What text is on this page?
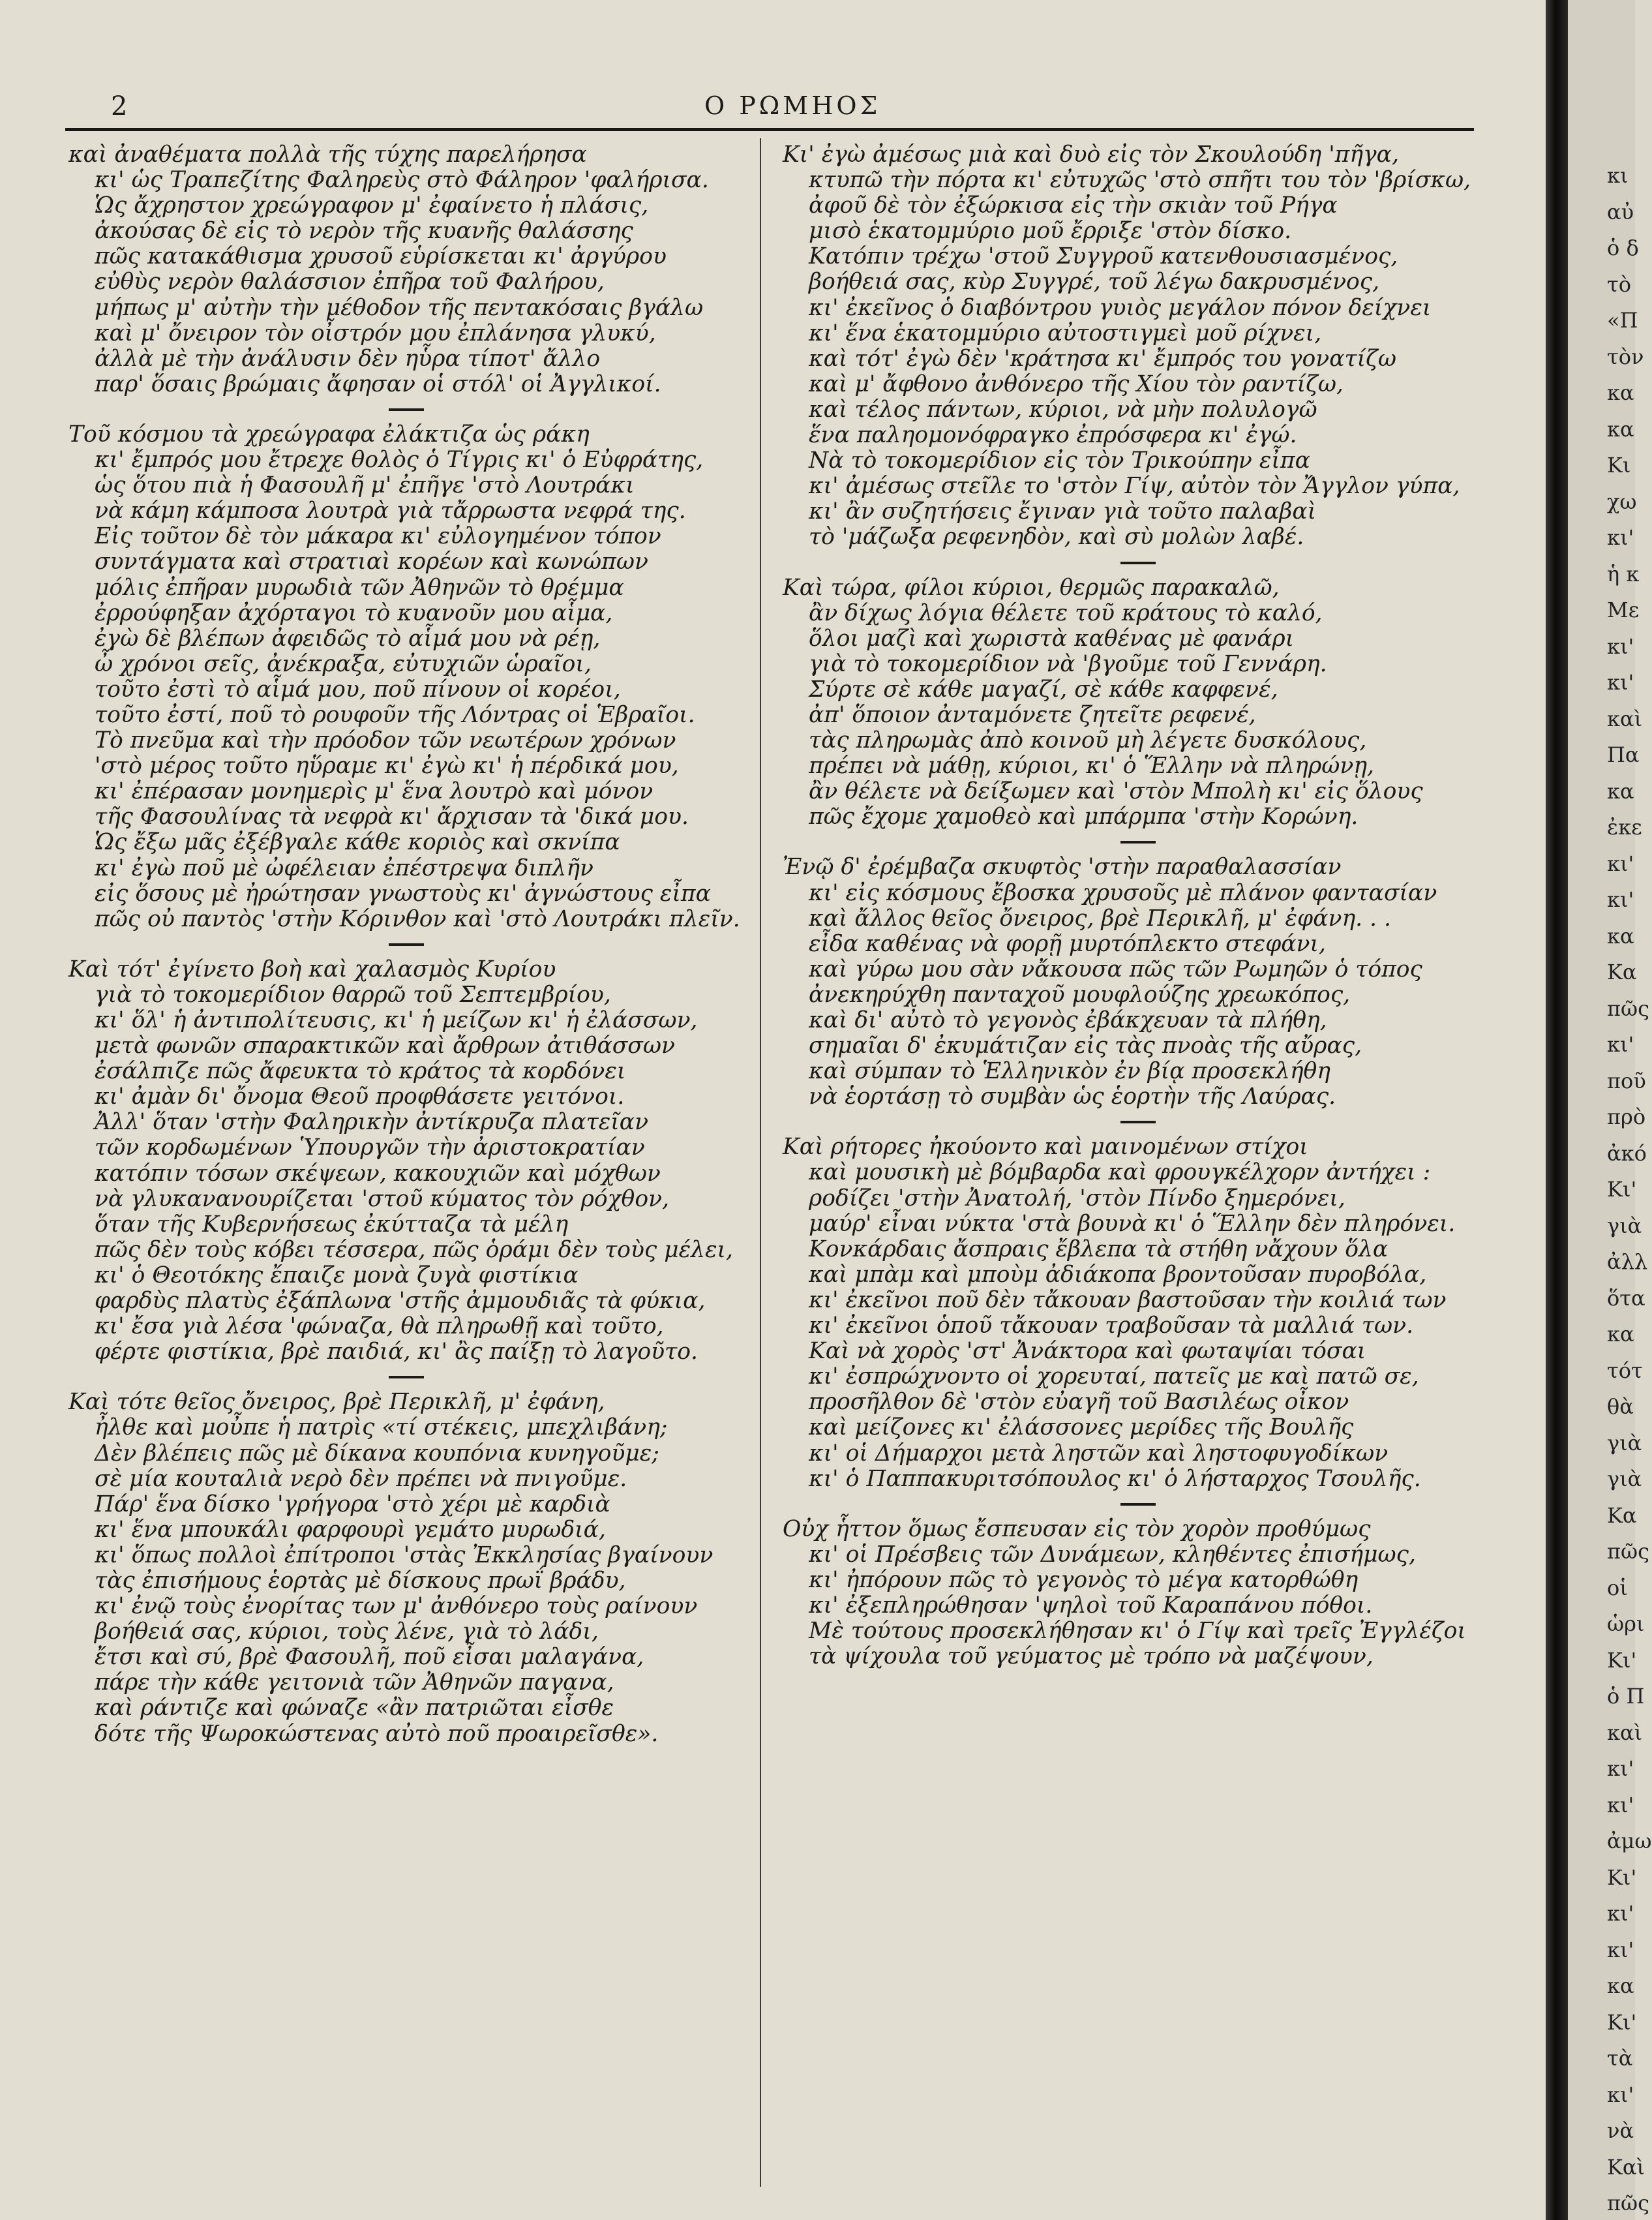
2	Ο ΡΩΜΗΟΣ
καὶ ἀναθέματα πολλὰ τῆς τύχης παρελήρησα
κι' ὡς Τραπεζίτης Φαληρεὺς στὸ Φάληρον 'φαλήρισα.
Ὡς ἄχρηστον χρεώγραφον μ' ἐφαίνετο ἡ πλάσις,
ἀκούσας δὲ εἰς τὸ νερὸν τῆς κυανῆς θαλάσσης
πῶς κατακάθισμα χρυσοῦ εὑρίσκεται κι' ἀργύρου
εὐθὺς νερὸν θαλάσσιον ἐπῆρα τοῦ Φαλήρου,
μήπως μ' αὐτὴν τὴν μέθοδον τῆς πεντακόσαις βγάλω
καὶ μ' ὄνειρον τὸν οἶστρόν μου ἐπλάνησα γλυκύ,
ἀλλὰ μὲ τὴν ἀνάλυσιν δὲν ηὗρα τίποτ' ἄλλο
παρ' ὅσαις βρώμαις ἄφησαν οἱ στόλ' οἱ Ἀγγλικοί.
Τοῦ κόσμου τὰ χρεώγραφα ἐλάκτιζα ὡς ράκη
κι' ἔμπρός μου ἔτρεχε θολὸς ὁ Τίγρις κι' ὁ Εὐφράτης,
ὡς ὅτου πιὰ ἡ Φασουλῆ μ' ἐπῆγε 'στὸ Λουτράκι
νὰ κάμη κάμποσα λουτρὰ γιὰ τἄρρωστα νεφρά της.
Εἰς τοῦτον δὲ τὸν μάκαρα κι' εὐλογημένον τόπον
συντάγματα καὶ στρατιαὶ κορέων καὶ κωνώπων
μόλις ἐπῆραν μυρωδιὰ τῶν Ἀθηνῶν τὸ θρέμμα
ἐρρούφηξαν ἀχόρταγοι τὸ κυανοῦν μου αἷμα,
ἐγὼ δὲ βλέπων ἀφειδῶς τὸ αἷμά μου νὰ ρέῃ,
ὦ χρόνοι σεῖς, ἀνέκραξα, εὐτυχιῶν ὡραῖοι,
τοῦτο ἐστὶ τὸ αἷμά μου, ποῦ πίνουν οἱ κορέοι,
τοῦτο ἐστί, ποῦ τὸ ρουφοῦν τῆς Λόντρας οἱ Ἑβραῖοι.
Τὸ πνεῦμα καὶ τὴν πρόοδον τῶν νεωτέρων χρόνων
'στὸ μέρος τοῦτο ηὕραμε κι' ἐγὼ κι' ἡ πέρδικά μου,
κι' ἐπέρασαν μονημερὶς μ' ἕνα λουτρὸ καὶ μόνον
τῆς Φασουλίνας τὰ νεφρὰ κι' ἄρχισαν τὰ 'δικά μου.
Ὡς ἔξω μᾶς ἐξέβγαλε κάθε κοριὸς καὶ σκνίπα
κι' ἐγὼ ποῦ μὲ ὠφέλειαν ἐπέστρεψα διπλῆν
εἰς ὅσους μὲ ἠρώτησαν γνωστοὺς κι' ἀγνώστους εἶπα
πῶς οὐ παντὸς 'στὴν Κόρινθον καὶ 'στὸ Λουτράκι πλεῖν.
Καὶ τότ' ἐγίνετο βοὴ καὶ χαλασμὸς Κυρίου
γιὰ τὸ τοκομερίδιον θαρρῶ τοῦ Σεπτεμβρίου,
κι' ὅλ' ἡ ἀντιπολίτευσις, κι' ἡ μείζων κι' ἡ ἐλάσσων,
μετὰ φωνῶν σπαρακτικῶν καὶ ἄρθρων ἀτιθάσσων
ἐσάλπιζε πῶς ἄφευκτα τὸ κράτος τὰ κορδόνει
κι' ἀμὰν δι' ὄνομα Θεοῦ προφθάσετε γειτόνοι.
Ἀλλ' ὅταν 'στὴν Φαληρικὴν ἀντίκρυζα πλατεῖαν
τῶν κορδωμένων Ὑπουργῶν τὴν ἀριστοκρατίαν
κατόπιν τόσων σκέψεων, κακουχιῶν καὶ μόχθων
νὰ γλυκανανουρίζεται 'στοῦ κύματος τὸν ρόχθον,
ὅταν τῆς Κυβερνήσεως ἐκύτταζα τὰ μέλη
πῶς δὲν τοὺς κόβει τέσσερα, πῶς ὁράμι δὲν τοὺς μέλει,
κι' ὁ Θεοτόκης ἔπαιζε μονὰ ζυγὰ φιστίκια
φαρδὺς πλατὺς ἐξάπλωνα 'στῆς ἀμμουδιᾶς τὰ φύκια,
κι' ἔσα γιὰ λέσα 'φώναζα, θὰ πληρωθῇ καὶ τοῦτο,
φέρτε φιστίκια, βρὲ παιδιά, κι' ἂς παίξῃ τὸ λαγοῦτο.
Καὶ τότε θεῖος ὄνειρος, βρὲ Περικλῆ, μ' ἐφάνη,
ἦλθε καὶ μοὖπε ἡ πατρὶς «τί στέκεις, μπεχλιβάνη;
Δὲν βλέπεις πῶς μὲ δίκανα κουπόνια κυνηγοῦμε;
σὲ μία κουταλιὰ νερὸ δὲν πρέπει νὰ πνιγοῦμε.
Πάρ' ἕνα δίσκο 'γρήγορα 'στὸ χέρι μὲ καρδιὰ
κι' ἕνα μπουκάλι φαρφουρὶ γεμάτο μυρωδιά,
κι' ὅπως πολλοὶ ἐπίτροποι 'στὰς Ἐκκλησίας βγαίνουν
τὰς ἐπισήμους ἑορτὰς μὲ δίσκους πρωΐ βράδυ,
κι' ἐνῷ τοὺς ἐνορίτας των μ' ἀνθόνερο τοὺς ραίνουν
βοήθειά σας, κύριοι, τοὺς λένε, γιὰ τὸ λάδι,
ἔτσι καὶ σύ, βρὲ Φασουλῆ, ποῦ εἶσαι μαλαγάνα,
πάρε τὴν κάθε γειτονιὰ τῶν Ἀθηνῶν παγανα,
καὶ ράντιζε καὶ φώναζε «ἂν πατριῶται εἶσθε
δότε τῆς Ψωροκώστενας αὐτὸ ποῦ προαιρεῖσθε».
Κι' ἐγὼ ἀμέσως μιὰ καὶ δυὸ εἰς τὸν Σκουλούδη 'πῆγα,
κτυπῶ τὴν πόρτα κι' εὐτυχῶς 'στὸ σπῆτι του τὸν 'βρίσκω,
ἀφοῦ δὲ τὸν ἐξώρκισα εἰς τὴν σκιὰν τοῦ Ρήγα
μισὸ ἑκατομμύριο μοῦ ἔρριξε 'στὸν δίσκο.
Κατόπιν τρέχω 'στοῦ Συγγροῦ κατενθουσιασμένος,
βοήθειά σας, κὺρ Συγγρέ, τοῦ λέγω δακρυσμένος,
κι' ἐκεῖνος ὁ διαβόντρου γυιὸς μεγάλον πόνον δείχνει
κι' ἕνα ἑκατομμύριο αὐτοστιγμεὶ μοῦ ρίχνει,
καὶ τότ' ἐγὼ δὲν 'κράτησα κι' ἔμπρός του γονατίζω
καὶ μ' ἄφθονο ἀνθόνερο τῆς Χίου τὸν ραντίζω,
καὶ τέλος πάντων, κύριοι, νὰ μὴν πολυλογῶ
ἕνα παληομονόφραγκο ἐπρόσφερα κι' ἐγώ.
Νὰ τὸ τοκομερίδιον εἰς τὸν Τρικούπην εἶπα
κι' ἀμέσως στεῖλε το 'στὸν Γίψ, αὐτὸν τὸν Ἄγγλον γύπα,
κι' ἂν συζητήσεις ἔγιναν γιὰ τοῦτο παλαβαὶ
τὸ 'μάζωξα ρεφενηδὸν, καὶ σὺ μολὼν λαβέ.
Καὶ τώρα, φίλοι κύριοι, θερμῶς παρακαλῶ,
ἂν δίχως λόγια θέλετε τοῦ κράτους τὸ καλό,
ὅλοι μαζὶ καὶ χωριστὰ καθένας μὲ φανάρι
γιὰ τὸ τοκομερίδιον νὰ 'βγοῦμε τοῦ Γεννάρη.
Σύρτε σὲ κάθε μαγαζί, σὲ κάθε καφφενέ,
ἀπ' ὅποιον ἀνταμόνετε ζητεῖτε ρεφενέ,
τὰς πληρωμὰς ἀπὸ κοινοῦ μὴ λέγετε δυσκόλους,
πρέπει νὰ μάθῃ, κύριοι, κι' ὁ Ἕλλην νὰ πληρώνῃ,
ἂν θέλετε νὰ δείξωμεν καὶ 'στὸν Μπολὴ κι' εἰς ὅλους
πῶς ἔχομε χαμοθεὸ καὶ μπάρμπα 'στὴν Κορώνη.
Ἐνῷ δ' ἐρέμβαζα σκυφτὸς 'στὴν παραθαλασσίαν
κι' εἰς κόσμους ἔβοσκα χρυσοῦς μὲ πλάνον φαντασίαν
καὶ ἄλλος θεῖος ὄνειρος, βρὲ Περικλῆ, μ' ἐφάνη. . .
εἶδα καθένας νὰ φορῇ μυρτόπλεκτο στεφάνι,
καὶ γύρω μου σὰν νἄκουσα πῶς τῶν Ρωμηῶν ὁ τόπος
ἀνεκηρύχθη πανταχοῦ μουφλούζης χρεωκόπος,
καὶ δι' αὐτὸ τὸ γεγονὸς ἐβάκχευαν τὰ πλήθη,
σημαῖαι δ' ἐκυμάτιζαν εἰς τὰς πνοὰς τῆς αὔρας,
καὶ σύμπαν τὸ Ἑλληνικὸν ἐν βίᾳ προσεκλήθη
νὰ ἑορτάσῃ τὸ συμβὰν ὡς ἑορτὴν τῆς Λαύρας.
Καὶ ρήτορες ἠκούοντο καὶ μαινομένων στίχοι
καὶ μουσικὴ μὲ βόμβαρδα καὶ φρουγκέλχορν ἀντήχει :
ροδίζει 'στὴν Ἀνατολή, 'στὸν Πίνδο ξημερόνει,
μαύρ' εἶναι νύκτα 'στὰ βουνὰ κι' ὁ Ἕλλην δὲν πληρόνει.
Κονκάρδαις ἄσπραις ἔβλεπα τὰ στήθη νἄχουν ὅλα
καὶ μπὰμ καὶ μποὺμ ἀδιάκοπα βροντοῦσαν πυροβόλα,
κι' ἐκεῖνοι ποῦ δὲν τἄκουαν βαστοῦσαν τὴν κοιλιά των
κι' ἐκεῖνοι ὁποῦ τἄκουαν τραβοῦσαν τὰ μαλλιά των.
Καὶ νὰ χορὸς 'στ' Ἀνάκτορα καὶ φωταψίαι τόσαι
κι' ἐσπρώχνοντο οἱ χορευταί, πατεῖς με καὶ πατῶ σε,
προσῆλθον δὲ 'στὸν εὐαγῆ τοῦ Βασιλέως οἶκον
καὶ μείζονες κι' ἐλάσσονες μερίδες τῆς Βουλῆς
κι' οἱ Δήμαρχοι μετὰ ληστῶν καὶ ληστοφυγοδίκων
κι' ὁ Παππακυριτσόπουλος κι' ὁ λήσταρχος Τσουλῆς.
Οὐχ ἧττον ὅμως ἔσπευσαν εἰς τὸν χορὸν προθύμως
κι' οἱ Πρέσβεις τῶν Δυνάμεων, κληθέντες ἐπισήμως,
κι' ἠπόρουν πῶς τὸ γεγονὸς τὸ μέγα κατορθώθη
κι' ἐξεπληρώθησαν 'ψηλοὶ τοῦ Καραπάνου πόθοι.
Μὲ τούτους προσεκλήθησαν κι' ὁ Γίψ καὶ τρεῖς Ἐγγλέζοι
τὰ ψίχουλα τοῦ γεύματος μὲ τρόπο νὰ μαζέψουν,
κι
αὐ
ὁ δ
τὸ
«Π
τὸν
κα
κα
Κι
χω
κι'
ἡ κ
Με
κι'
κι'
καὶ
Πα
κα
ἐκε
κι'
κι'
κα
Κα
πῶς
κι'
ποῦ
πρὸ
ἀκό
Κι'
γιὰ
ἀλλ
ὅτα
κα
τότ
θὰ
γιὰ
γιὰ
Κα
πῶς
οἱ
ὡρι
Κι'
ὁ Π
καὶ
κι'
κι'
ἀμω
Κι'
κι'
κι'
κα
Κι'
τὰ
κι'
νὰ
Καὶ
πῶς
